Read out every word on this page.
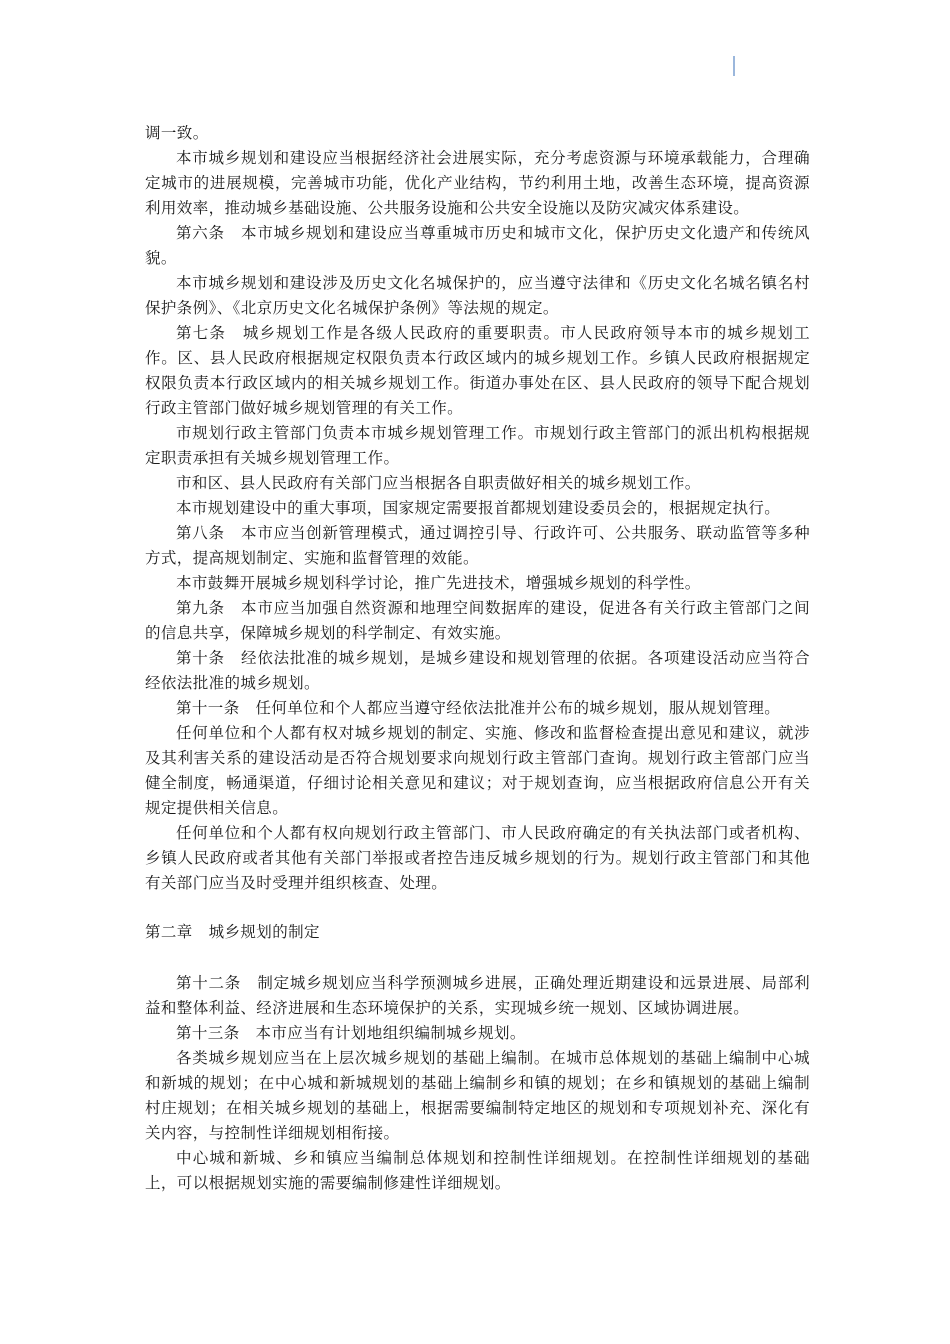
调一致。

本市城乡规划和建设应当根据经济社会进展实际，充分考虑资源与环境承载能力，合理确定城市的进展规模，完善城市功能，优化产业结构，节约利用土地，改善生态环境，提高资源利用效率，推动城乡基础设施、公共服务设施和公共安全设施以及防灾减灾体系建设。

第六条　本市城乡规划和建设应当尊重城市历史和城市文化，保护历史文化遗产和传统风貌。

本市城乡规划和建设涉及历史文化名城保护的，应当遵守法律和《历史文化名城名镇名村保护条例》、《北京历史文化名城保护条例》等法规的规定。

第七条　城乡规划工作是各级人民政府的重要职责。市人民政府领导本市的城乡规划工作。区、县人民政府根据规定权限负责本行政区域内的城乡规划工作。乡镇人民政府根据规定权限负责本行政区域内的相关城乡规划工作。街道办事处在区、县人民政府的领导下配合规划行政主管部门做好城乡规划管理的有关工作。

市规划行政主管部门负责本市城乡规划管理工作。市规划行政主管部门的派出机构根据规定职责承担有关城乡规划管理工作。

市和区、县人民政府有关部门应当根据各自职责做好相关的城乡规划工作。

本市规划建设中的重大事项，国家规定需要报首都规划建设委员会的，根据规定执行。

第八条　本市应当创新管理模式，通过调控引导、行政许可、公共服务、联动监管等多种方式，提高规划制定、实施和监督管理的效能。

本市鼓舞开展城乡规划科学讨论，推广先进技术，增强城乡规划的科学性。

第九条　本市应当加强自然资源和地理空间数据库的建设，促进各有关行政主管部门之间的信息共享，保障城乡规划的科学制定、有效实施。

第十条　经依法批准的城乡规划，是城乡建设和规划管理的依据。各项建设活动应当符合经依法批准的城乡规划。

第十一条　任何单位和个人都应当遵守经依法批准并公布的城乡规划，服从规划管理。

任何单位和个人都有权对城乡规划的制定、实施、修改和监督检查提出意见和建议，就涉及其利害关系的建设活动是否符合规划要求向规划行政主管部门查询。规划行政主管部门应当健全制度，畅通渠道，仔细讨论相关意见和建议；对于规划查询，应当根据政府信息公开有关规定提供相关信息。

任何单位和个人都有权向规划行政主管部门、市人民政府确定的有关执法部门或者机构、乡镇人民政府或者其他有关部门举报或者控告违反城乡规划的行为。规划行政主管部门和其他有关部门应当及时受理并组织核查、处理。

第二章　城乡规划的制定

第十二条　制定城乡规划应当科学预测城乡进展，正确处理近期建设和远景进展、局部利益和整体利益、经济进展和生态环境保护的关系，实现城乡统一规划、区域协调进展。

第十三条　本市应当有计划地组织编制城乡规划。

各类城乡规划应当在上层次城乡规划的基础上编制。在城市总体规划的基础上编制中心城和新城的规划；在中心城和新城规划的基础上编制乡和镇的规划；在乡和镇规划的基础上编制村庄规划；在相关城乡规划的基础上，根据需要编制特定地区的规划和专项规划补充、深化有关内容，与控制性详细规划相衔接。

中心城和新城、乡和镇应当编制总体规划和控制性详细规划。在控制性详细规划的基础上，可以根据规划实施的需要编制修建性详细规划。
